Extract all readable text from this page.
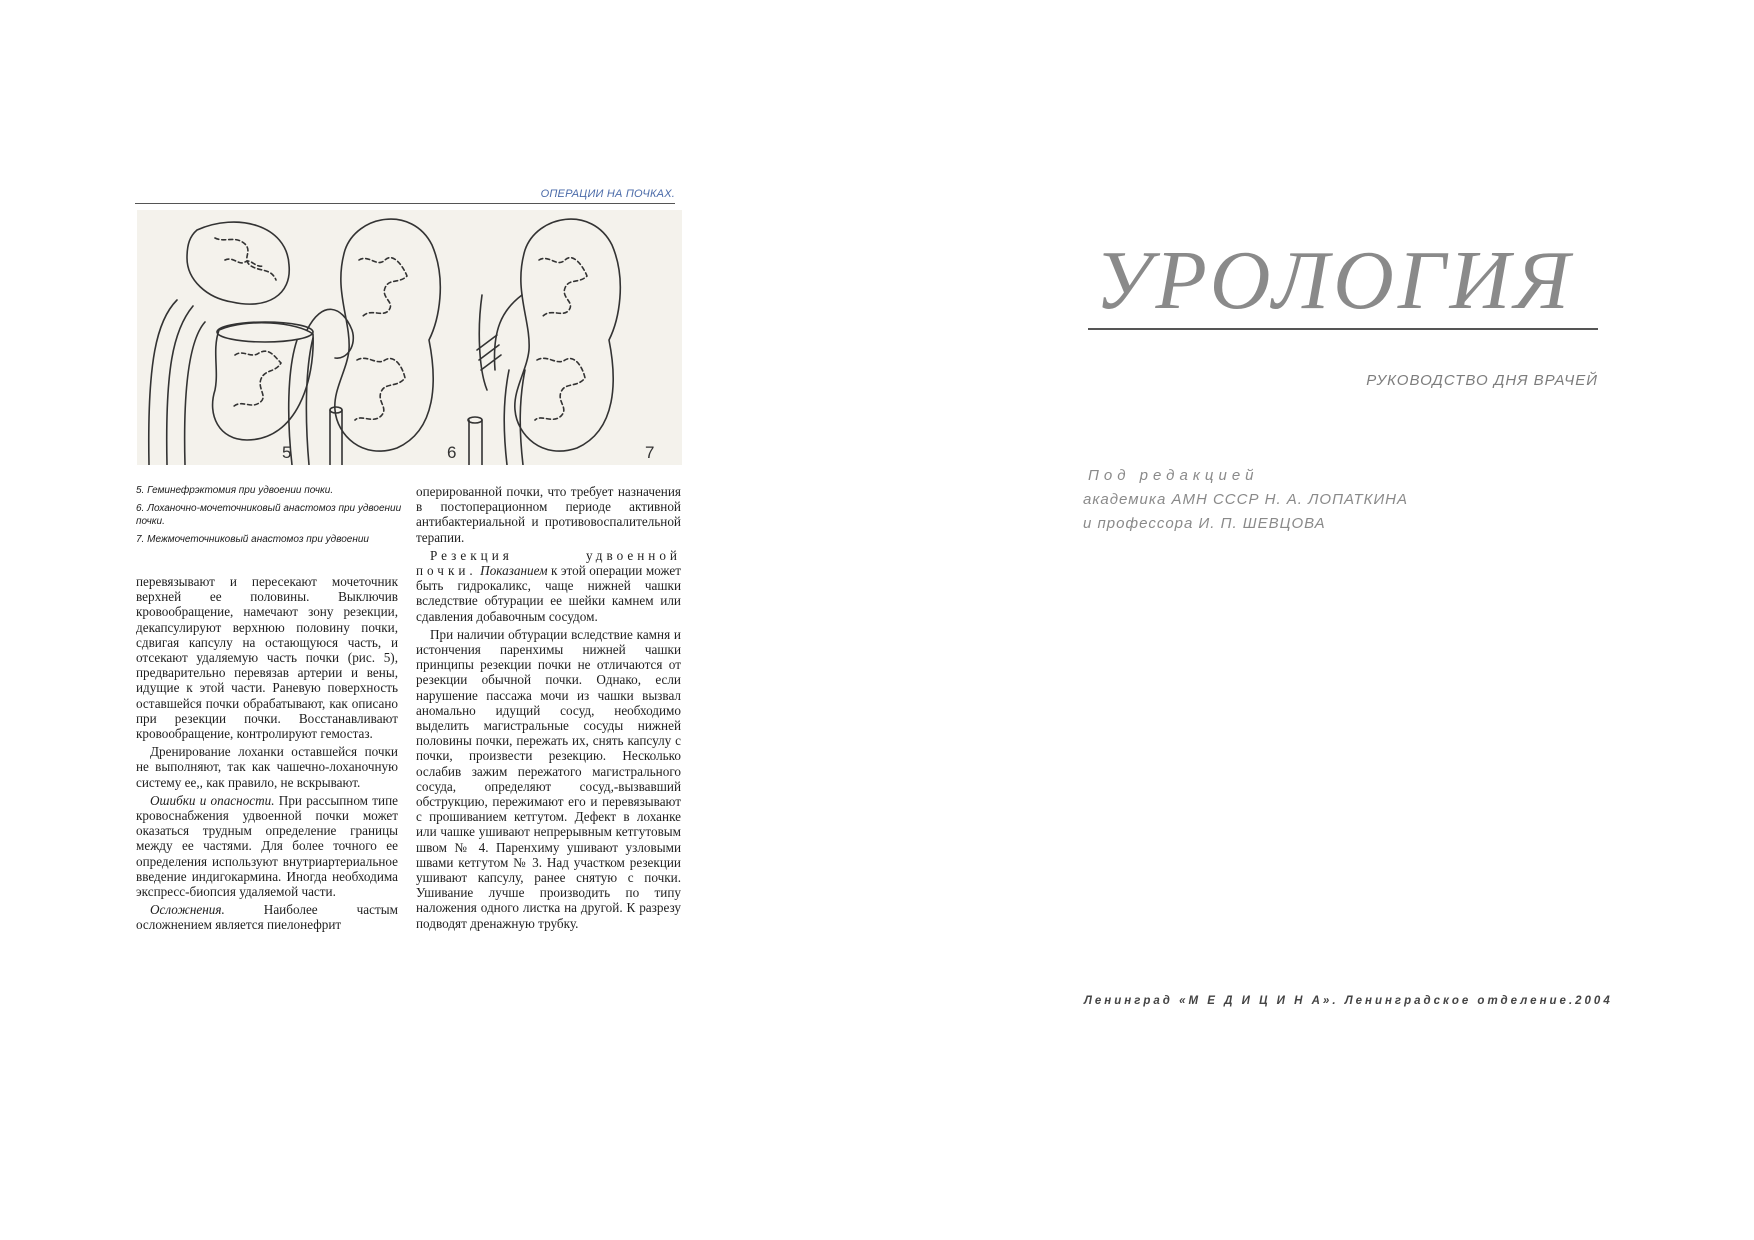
ОПЕРАЦИИ НА ПОЧКАХ.
5	6	7

5. Геминефрэктомия при удвоении почки.

6. Лоханочно-мочеточниковый анастомоз при удвоении почки.

7. Межмочеточниковый анастомоз при удвоении

перевязывают и пересекают мочеточник верхней ее половины. Выключив кровообращение, намечают зону резекции, декапсулируют верхнюю половину почки, сдвигая капсулу на остающуюся часть, и отсекают удаляемую часть почки (рис. 5), предварительно перевязав артерии и вены, идущие к этой части. Раневую поверхность оставшейся почки обрабатывают, как описано при резекции почки. Восстанавливают кровообращение, контролируют гемостаз.

Дренирование лоханки оставшейся почки не выполняют, так как чашечно-лоханочную систему ее,, как правило, не вскрывают.

Ошибки и опасности. При рассыпном типе кровоснабжения удвоенной почки может оказаться трудным определение границы между ее частями. Для более точного ее определения используют внутриартериальное введение индигокармина. Иногда необходима экспресс-биопсия удаляемой части.

Осложнения. Наиболее частым осложнением является пиелонефрит

оперированной почки, что требует назначения в постоперационном периоде активной антибактериальной и противовоспалительной терапии.

Резекция удвоенной почки. Показанием к этой операции может быть гидрокаликс, чаще нижней чашки вследствие обтурации ее шейки камнем или сдавления добавочным сосудом.

При наличии обтурации вследствие камня и истончения паренхимы нижней чашки принципы резекции почки не отличаются от резекции обычной почки. Однако, если нарушение пассажа мочи из чашки вызвал аномально идущий сосуд, необходимо выделить магистральные сосуды нижней половины почки, пережать их, снять капсулу с почки, произвести резекцию. Несколько ослабив зажим пережатого магистрального сосуда, определяют сосуд,-вызвавший обструкцию, пережимают его и перевязывают с прошиванием кетгутом. Дефект в лоханке или чашке ушивают непрерывным кетгутовым швом № 4. Паренхиму ушивают узловыми швами кетгутом № 3. Над участком резекции ушивают капсулу, ранее снятую с почки. Ушивание лучше производить по типу наложения одного листка на другой. К разрезу подводят дренажную трубку.

УРОЛОГИЯ
РУКОВОДСТВО ДНЯ ВРАЧЕЙ
Под редакцией
академика АМН СССР Н. А. ЛОПАТКИНА
и профессора И. П. ШЕВЦОВА
Ленинград «М Е Д И Ц И Н А». Ленинградское отделение.2004
